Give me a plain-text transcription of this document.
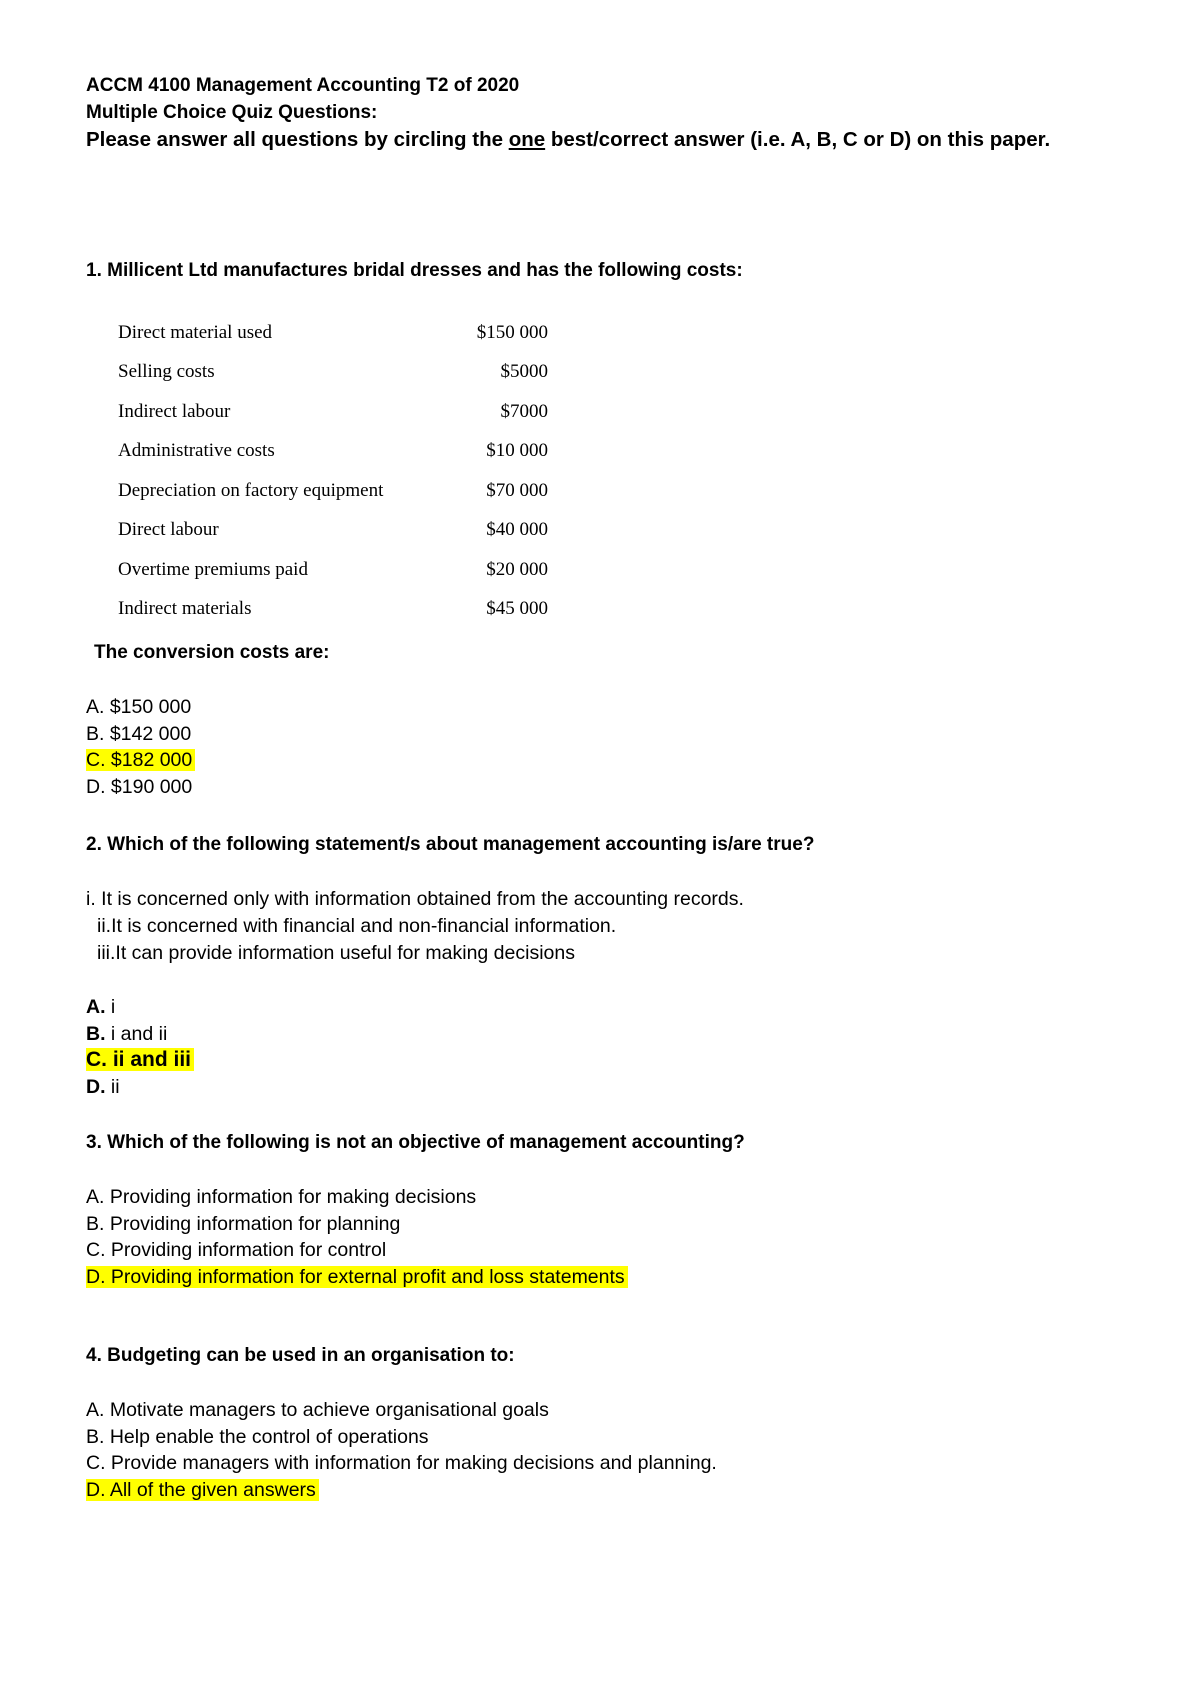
ACCM 4100 Management Accounting T2 of 2020
Multiple Choice Quiz Questions:
Please answer all questions by circling the one best/correct answer (i.e. A, B, C or D) on this paper.
1. Millicent Ltd manufactures bridal dresses and has the following costs:
Direct material used	$150 000
Selling costs	$5000
Indirect labour	$7000
Administrative costs	$10 000
Depreciation on factory equipment	$70 000
Direct labour	$40 000
Overtime premiums paid	$20 000
Indirect materials	$45 000
The conversion costs are:
A. $150 000
B. $142 000
C. $182 000
D. $190 000
2. Which of the following statement/s about management accounting is/are true?
i. It is concerned only with information obtained from the accounting records.
ii.It is concerned with financial and non-financial information.
iii.It can provide information useful for making decisions
A. i
B. i and ii
C. ii and iii
D. ii
3. Which of the following is not an objective of management accounting?
A. Providing information for making decisions
B. Providing information for planning
C. Providing information for control
D. Providing information for external profit and loss statements
4. Budgeting can be used in an organisation to:
A. Motivate managers to achieve organisational goals
B. Help enable the control of operations
C. Provide managers with information for making decisions and planning.
D. All of the given answers
